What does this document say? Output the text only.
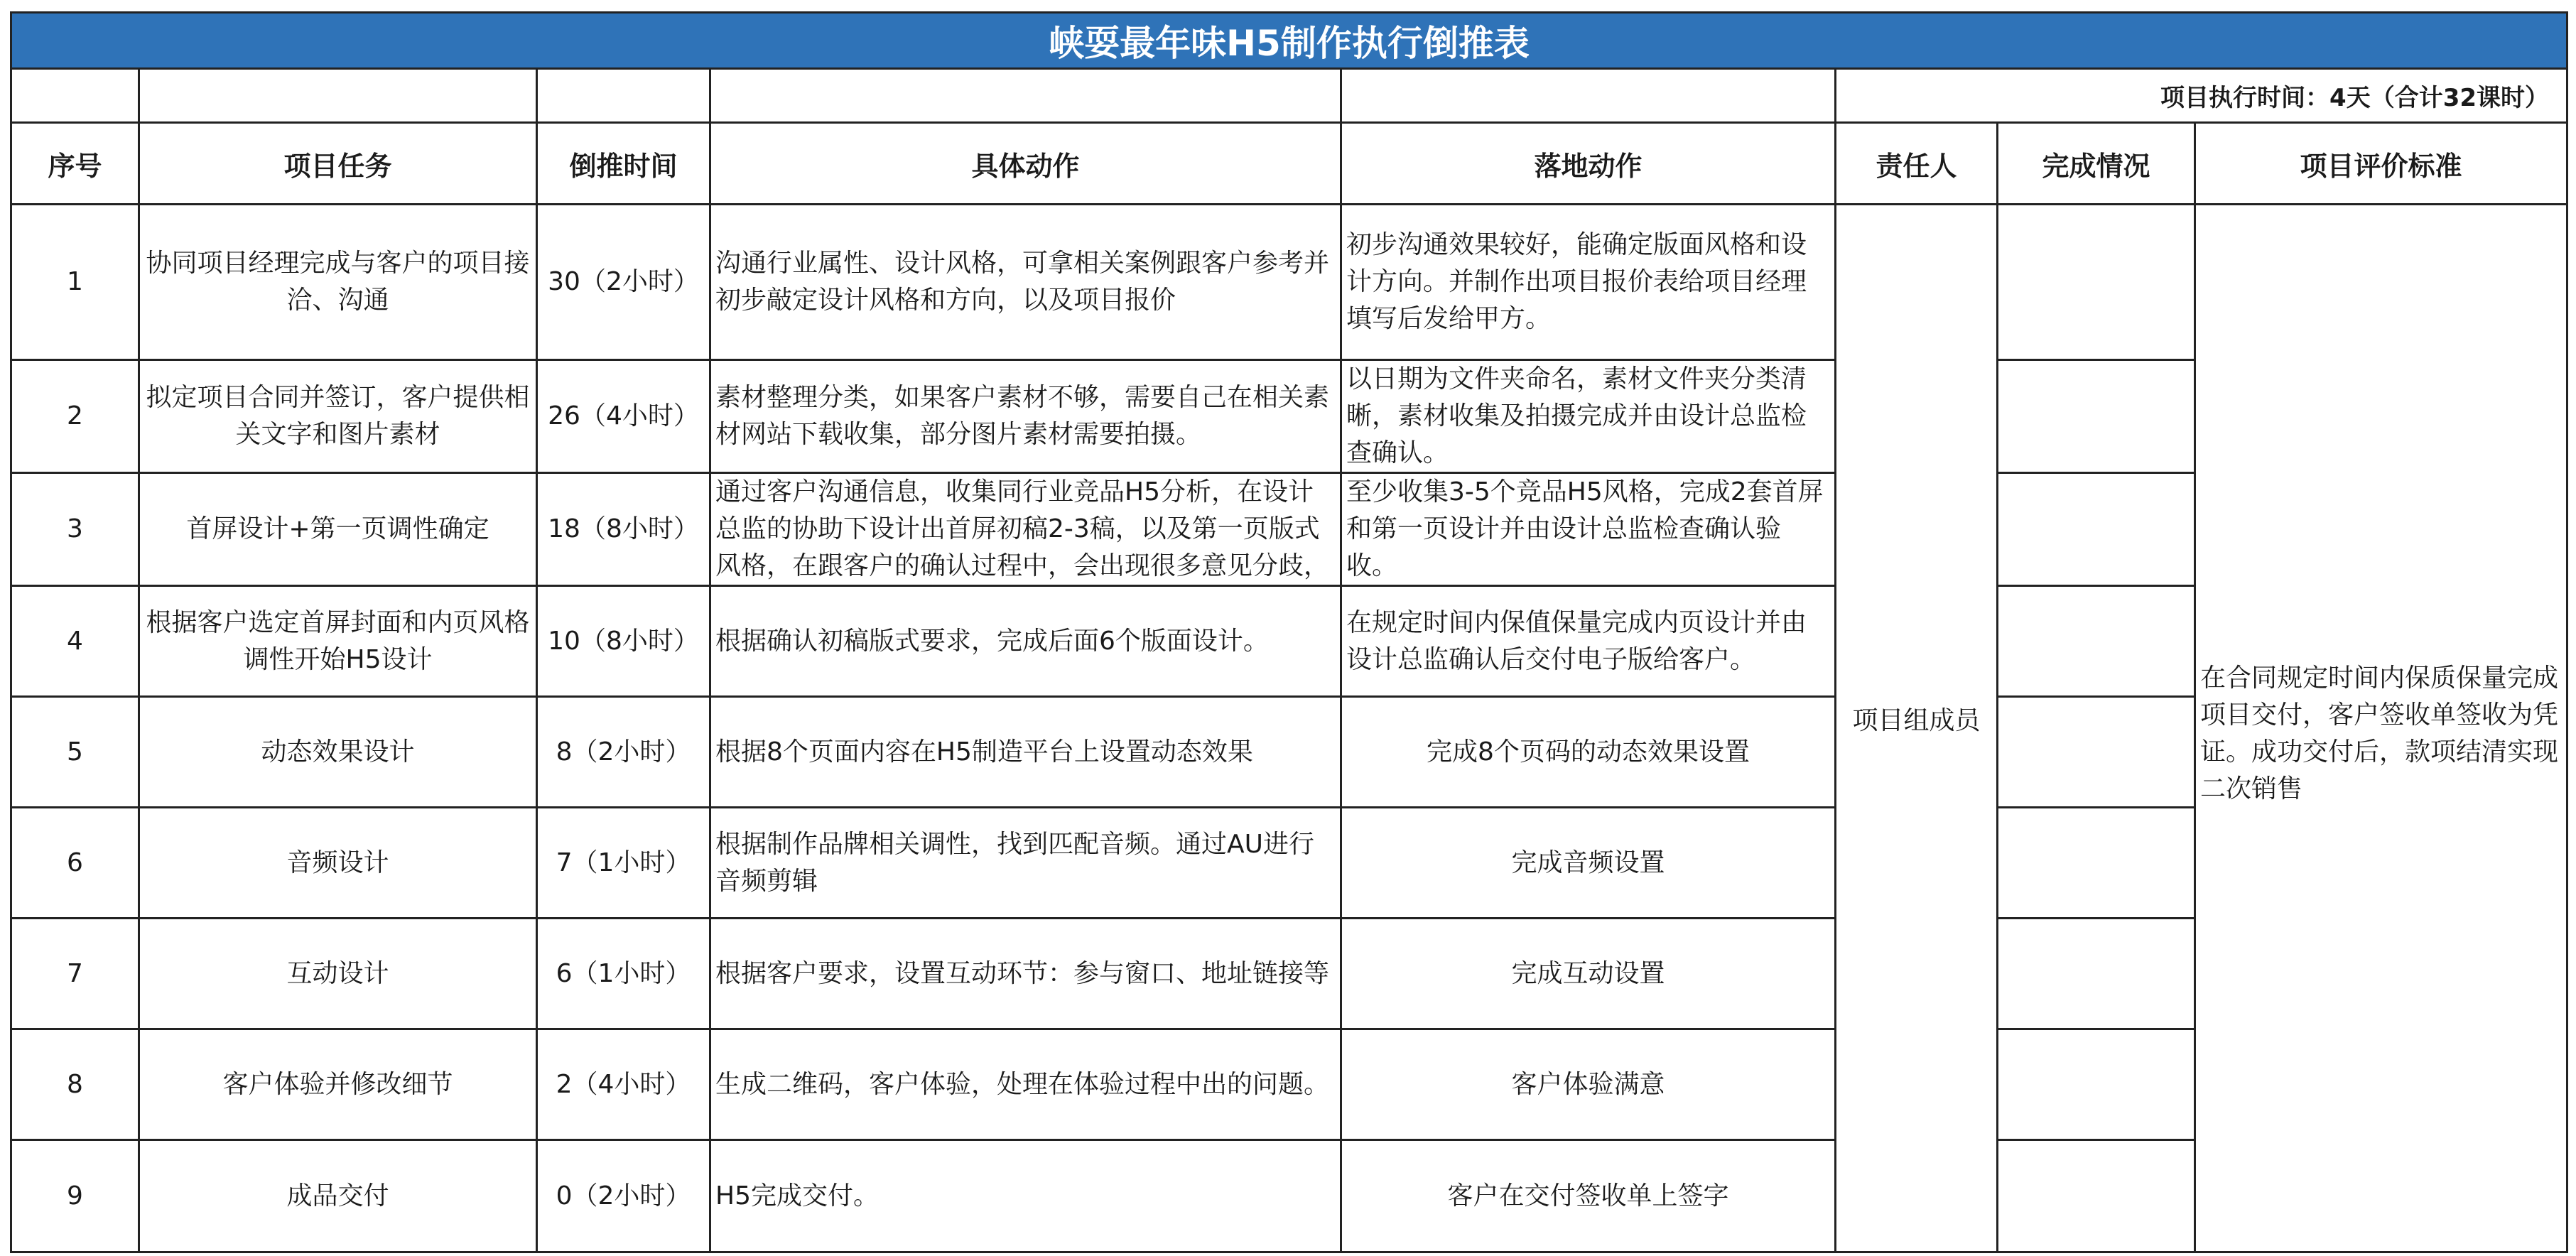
峡耍最年味H5制作执行倒推表							
					项目执行时间：4天（合计32课时）		
序号	项目任务	倒推时间	具体动作	落地动作	责任人	完成情况	项目评价标准
1	协同项目经理完成与客户的项目接洽、沟通	30（2小时）	沟通行业属性、设计风格，可拿相关案例跟客户参考并初步敲定设计风格和方向，以及项目报价	初步沟通效果较好，能确定版面风格和设计方向。并制作出项目报价表给项目经理填写后发给甲方。	项目组成员		在合同规定时间内保质保量完成项目交付，客户签收单签收为凭证。成功交付后，款项结清实现二次销售
2	拟定项目合同并签订，客户提供相关文字和图片素材	26（4小时）	素材整理分类，如果客户素材不够，需要自己在相关素材网站下载收集，部分图片素材需要拍摄。	以日期为文件夹命名，素材文件夹分类清晰，素材收集及拍摄完成并由设计总监检查确认。			

3	首屏设计+第一页调性确定	18（8小时）	通过客户沟通信息，收集同行业竞品H5分析，在设计总监的协助下设计出首屏初稿2-3稿，以及第一页版式风格，在跟客户的确认过程中，会出现很多意见分歧，	至少收集3-5个竞品H5风格，完成2套首屏和第一页设计并由设计总监检查确认验收。			

4	根据客户选定首屏封面和内页风格调性开始H5设计	10（8小时）	根据确认初稿版式要求，完成后面6个版面设计。	在规定时间内保值保量完成内页设计并由设计总监确认后交付电子版给客户。			
5	动态效果设计	8（2小时）	根据8个页面内容在H5制造平台上设置动态效果	完成8个页码的动态效果设置			
6	音频设计	7（1小时）	根据制作品牌相关调性，找到匹配音频。通过AU进行音频剪辑	完成音频设置			
7	互动设计	6（1小时）	根据客户要求，设置互动环节：参与窗口、地址链接等	完成互动设置			
8	客户体验并修改细节	2（4小时）	生成二维码，客户体验，处理在体验过程中出的问题。	客户体验满意			
9	成品交付	0（2小时）	H5完成交付。	客户在交付签收单上签字			
